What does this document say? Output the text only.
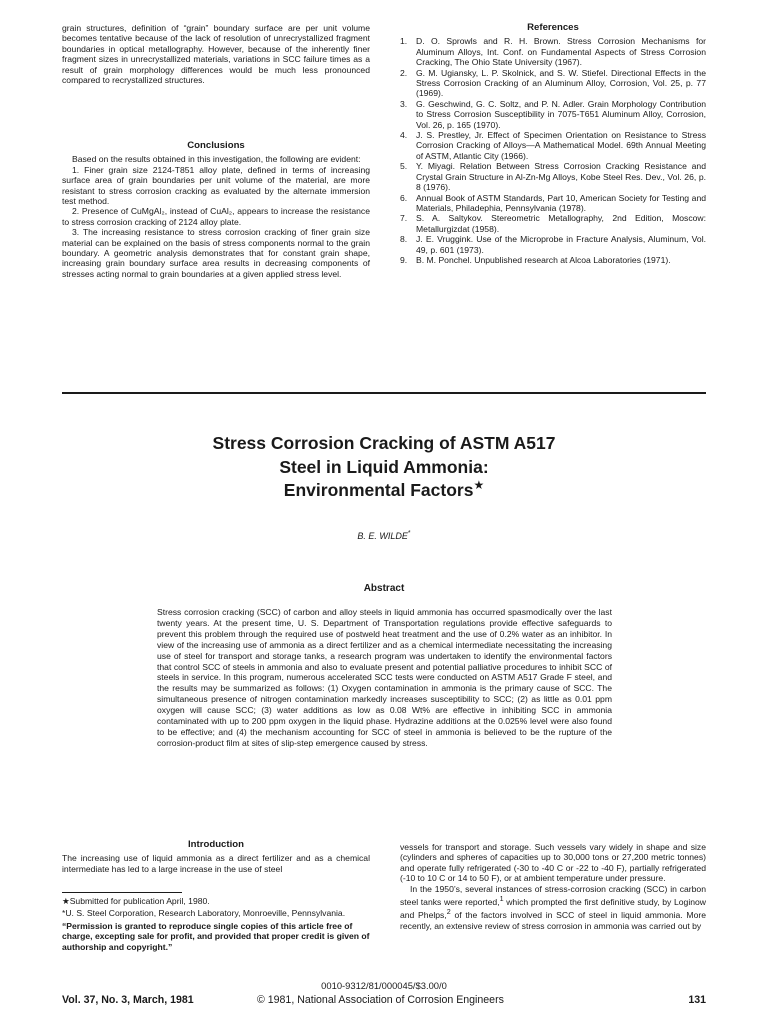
grain structures, definition of “grain” boundary surface are per unit volume becomes tentative because of the lack of resolution of unrecrystallized fragment boundaries in optical metallography. However, because of the inherently finer fragment sizes in unrecrystallized materials, variations in SCC failure times as a result of grain morphology differences would be much less pronounced compared to recrystallized structures.

Conclusions

Based on the results obtained in this investigation, the following are evident:

1. Finer grain size 2124-T851 alloy plate, defined in terms of increasing surface area of grain boundaries per unit volume of the material, are more resistant to stress corrosion cracking as evaluated by the alternate immersion test method.

2. Presence of CuMgAl₂, instead of CuAl₂, appears to increase the resistance to stress corrosion cracking of 2124 alloy plate.

3. The increasing resistance to stress corrosion cracking of finer grain size material can be explained on the basis of stress components normal to the grain boundary. A geometric analysis demonstrates that for constant grain shape, increasing grain boundary surface area results in decreasing components of stresses acting normal to grain boundaries at a given applied stress level.

References
1. D. O. Sprowls and R. H. Brown. Stress Corrosion Mechanisms for Aluminum Alloys, Int. Conf. on Fundamental Aspects of Stress Corrosion Cracking, The Ohio State University (1967).
2. G. M. Ugiansky, L. P. Skolnick, and S. W. Stiefel. Directional Effects in the Stress Corrosion Cracking of an Aluminum Alloy, Corrosion, Vol. 25, p. 77 (1969).
3. G. Geschwind, G. C. Soltz, and P. N. Adler. Grain Morphology Contribution to Stress Corrosion Susceptibility in 7075-T651 Aluminum Alloy, Corrosion, Vol. 26, p. 165 (1970).
4. J. S. Prestley, Jr. Effect of Specimen Orientation on Resistance to Stress Corrosion Cracking of Alloys—A Mathematical Model. 69th Annual Meeting of ASTM, Atlantic City (1966).
5. Y. Miyagi. Relation Between Stress Corrosion Cracking Resistance and Crystal Grain Structure in Al-Zn-Mg Alloys, Kobe Steel Res. Dev., Vol. 26, p. 8 (1976).
6. Annual Book of ASTM Standards, Part 10, American Society for Testing and Materials, Philadephia, Pennsylvania (1978).
7. S. A. Saltykov. Stereometric Metallography, 2nd Edition, Moscow: Metallurgizdat (1958).
8. J. E. Vruggink. Use of the Microprobe in Fracture Analysis, Aluminum, Vol. 49, p. 601 (1973).
9. B. M. Ponchel. Unpublished research at Alcoa Laboratories (1971).
Stress Corrosion Cracking of ASTM A517
Steel in Liquid Ammonia:
Environmental Factors★
B. E. WILDE*
Abstract
Stress corrosion cracking (SCC) of carbon and alloy steels in liquid ammonia has occurred spasmodically over the last twenty years. At the present time, U. S. Department of Transportation regulations provide effective safeguards to prevent this problem through the required use of postweld heat treatment and the use of 0.2% water as an inhibitor. In view of the increasing use of ammonia as a direct fertilizer and as a chemical intermediate necessitating the increasing use of steel for transport and storage tanks, a research program was undertaken to identify the environmental factors that control SCC of steels in ammonia and also to evaluate present and potential palliative procedures to inhibit SCC of steels in service. In this program, numerous accelerated SCC tests were conducted on ASTM A517 Grade F steel, and the results may be summarized as follows: (1) Oxygen contamination in ammonia is the primary cause of SCC. The simultaneous presence of nitrogen contamination markedly increases susceptibility to SCC; (2) as little as 0.01 ppm oxygen will cause SCC; (3) water additions as low as 0.08 Wt% are effective in inhibiting SCC in ammonia contaminated with up to 200 ppm oxygen in the liquid phase. Hydrazine additions at the 0.025% level were also found to be effective; and (4) the mechanism accounting for SCC of steel in ammonia is believed to be the rupture of the corrosion-product film at sites of slip-step emergence caused by stress.
Introduction

The increasing use of liquid ammonia as a direct fertilizer and as a chemical intermediate has led to a large increase in the use of steel

★Submitted for publication April, 1980.

*U. S. Steel Corporation, Research Laboratory, Monroeville, Pennsylvania.

“Permission is granted to reproduce single copies of this article free of charge, excepting sale for profit, and provided that proper credit is given of authorship and copyright.”

vessels for transport and storage. Such vessels vary widely in shape and size (cylinders and spheres of capacities up to 30,000 tons or 27,200 metric tonnes) and operate fully refrigerated (-30 to -40 C or -22 to -40 F), partially refrigerated (-10 to 10 C or 14 to 50 F), or at ambient temperature under pressure.

In the 1950’s, several instances of stress-corrosion cracking (SCC) in carbon steel tanks were reported,$^1$ which prompted the first definitive study, by Loginow and Phelps,$^2$ of the factors involved in SCC of steel in liquid ammonia. More recently, an extensive review of stress corrosion in ammonia was carried out by

0010-9312/81/000045/$3.00/0
Vol. 37, No. 3, March, 1981	© 1981, National Association of Corrosion Engineers	131
